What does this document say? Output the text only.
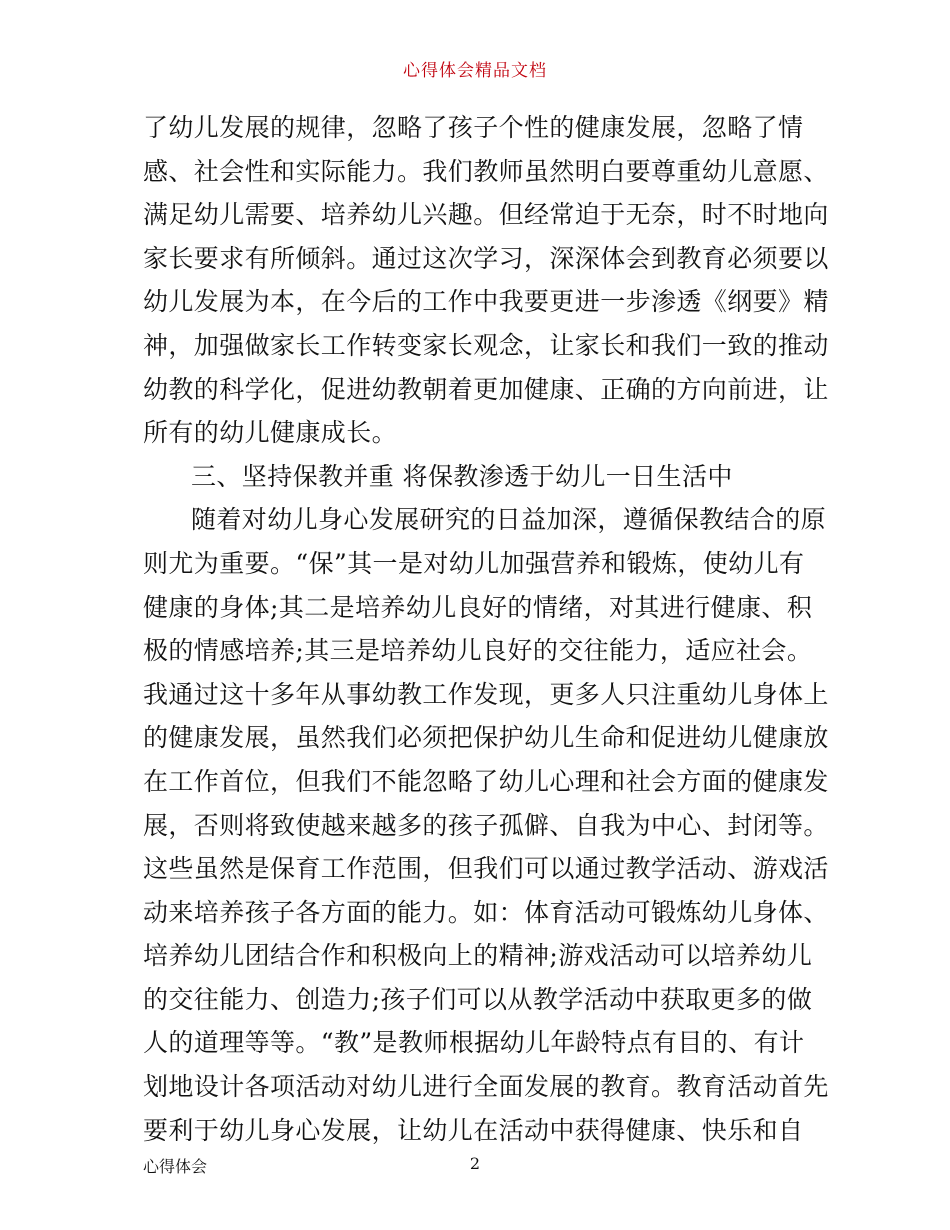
心得体会精品文档
了幼儿发展的规律，忽略了孩子个性的健康发展，忽略了情
感、社会性和实际能力。我们教师虽然明白要尊重幼儿意愿、
满足幼儿需要、培养幼儿兴趣。但经常迫于无奈，时不时地向
家长要求有所倾斜。通过这次学习，深深体会到教育必须要以
幼儿发展为本，在今后的工作中我要更进一步渗透《纲要》精
神，加强做家长工作转变家长观念，让家长和我们一致的推动
幼教的科学化，促进幼教朝着更加健康、正确的方向前进，让
所有的幼儿健康成长。
三、坚持保教并重 将保教渗透于幼儿一日生活中
随着对幼儿身心发展研究的日益加深，遵循保教结合的原
则尤为重要。“保”其一是对幼儿加强营养和锻炼，使幼儿有
健康的身体;其二是培养幼儿良好的情绪，对其进行健康、积
极的情感培养;其三是培养幼儿良好的交往能力，适应社会。
我通过这十多年从事幼教工作发现，更多人只注重幼儿身体上
的健康发展，虽然我们必须把保护幼儿生命和促进幼儿健康放
在工作首位，但我们不能忽略了幼儿心理和社会方面的健康发
展，否则将致使越来越多的孩子孤僻、自我为中心、封闭等。
这些虽然是保育工作范围，但我们可以通过教学活动、游戏活
动来培养孩子各方面的能力。如：体育活动可锻炼幼儿身体、
培养幼儿团结合作和积极向上的精神;游戏活动可以培养幼儿
的交往能力、创造力;孩子们可以从教学活动中获取更多的做
人的道理等等。“教”是教师根据幼儿年龄特点有目的、有计
划地设计各项活动对幼儿进行全面发展的教育。教育活动首先
要利于幼儿身心发展，让幼儿在活动中获得健康、快乐和自
心得体会	2
